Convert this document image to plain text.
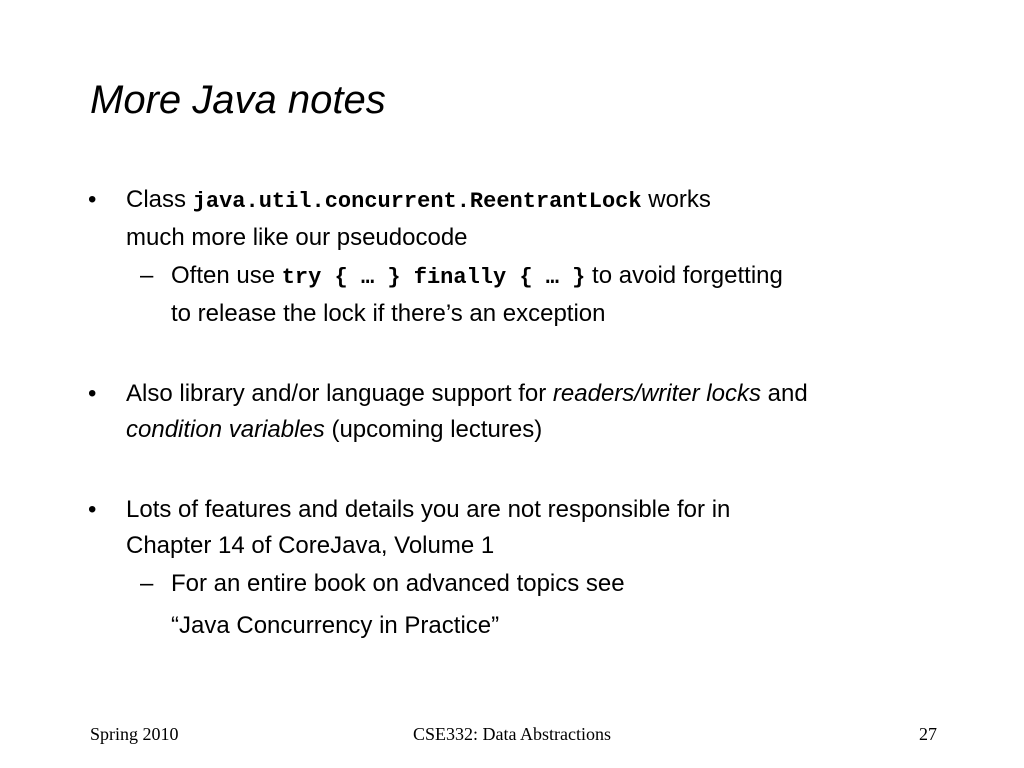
More Java notes
•	Class java.util.concurrent.ReentrantLock works
much more like our pseudocode
– Often use try { … } finally { … } to avoid forgetting
to release the lock if there’s an exception
•	Also library and/or language support for readers/writer locks and
condition variables (upcoming lectures)
•	Lots of features and details you are not responsible for in
Chapter 14 of CoreJava, Volume 1
– For an entire book on advanced topics see
“Java Concurrency in Practice”
Spring 2010	CSE332: Data Abstractions	27
